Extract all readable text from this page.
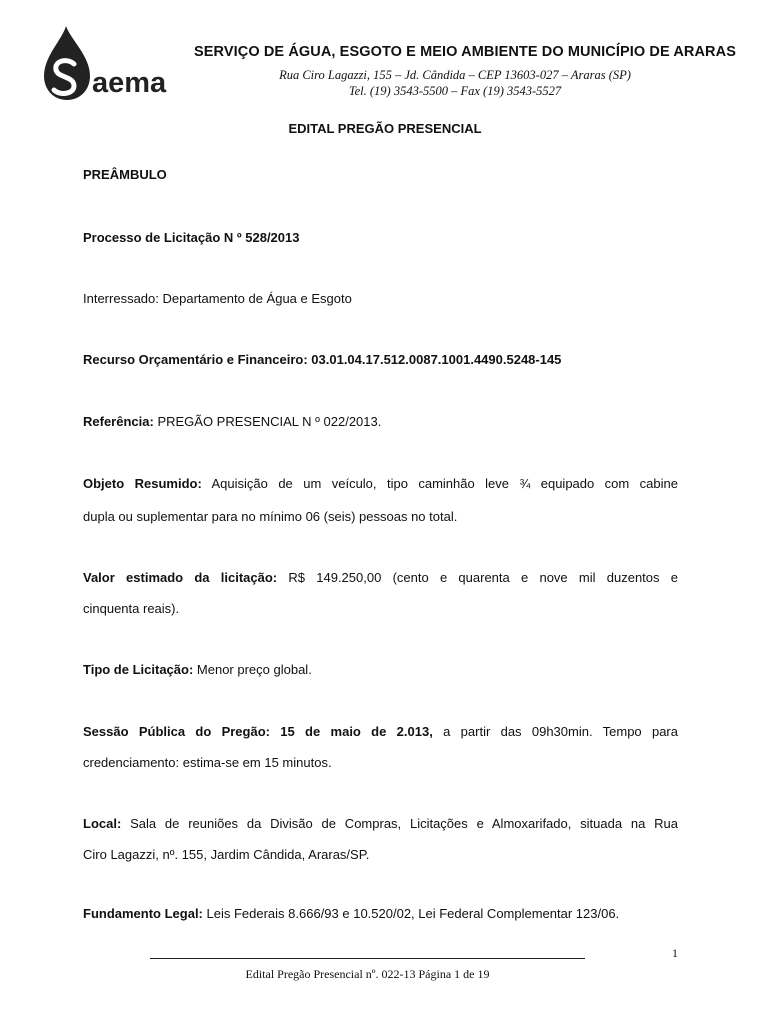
aema
SERVIÇO DE ÁGUA, ESGOTO E MEIO AMBIENTE DO MUNICÍPIO DE ARARAS
Rua Ciro Lagazzi, 155 – Jd. Cândida – CEP 13603-027 – Araras (SP)
Tel. (19) 3543-5500 – Fax (19) 3543-5527
EDITAL PREGÃO PRESENCIAL
PREÂMBULO
Processo de Licitação N º 528/2013
Interressado: Departamento de Água e Esgoto
Recurso Orçamentário e Financeiro: 03.01.04.17.512.0087.1001.4490.5248-145
Referência: PREGÃO PRESENCIAL N º 022/2013.
Objeto Resumido: Aquisição de um veículo, tipo caminhão leve ¾ equipado com cabine
dupla ou suplementar para no mínimo 06 (seis) pessoas no total.
Valor estimado da licitação: R$ 149.250,00 (cento e quarenta e nove mil duzentos e
cinquenta reais).
Tipo de Licitação: Menor preço global.
Sessão Pública do Pregão: 15 de maio de 2.013, a partir das 09h30min. Tempo para
credenciamento: estima-se em 15 minutos.
Local: Sala de reuniões da Divisão de Compras, Licitações e Almoxarifado, situada na Rua
Ciro Lagazzi, nº. 155, Jardim Cândida, Araras/SP.
Fundamento Legal: Leis Federais 8.666/93 e 10.520/02, Lei Federal Complementar 123/06.
1
Edital Pregão Presencial nº. 022-13 Página 1 de 19
